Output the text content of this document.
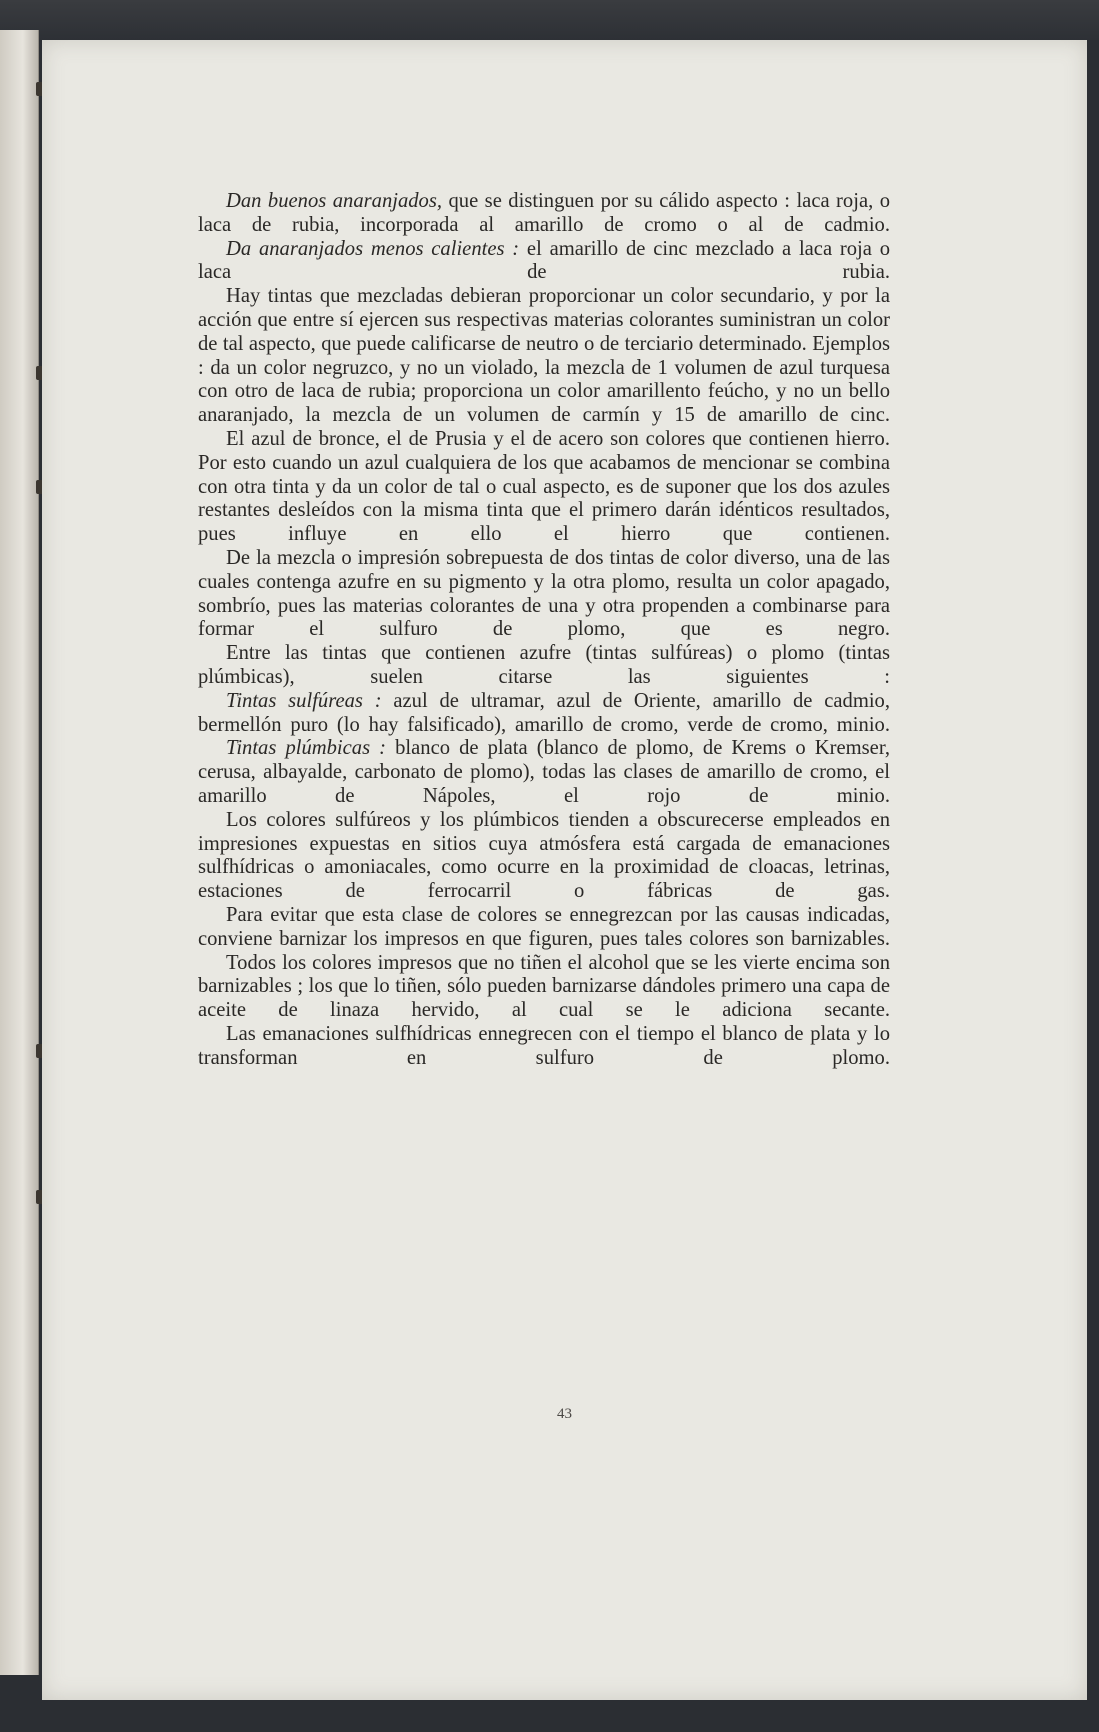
Dan buenos anaranjados, que se distinguen por su cálido aspecto : laca roja, o laca de rubia, incorporada al amarillo de cromo o al de cadmio.

Da anaranjados menos calientes : el amarillo de cinc mezclado a laca roja o laca de rubia.

Hay tintas que mezcladas debieran proporcionar un color secundario, y por la acción que entre sí ejercen sus respectivas materias colorantes suministran un color de tal aspecto, que puede calificarse de neutro o de terciario determinado. Ejemplos : da un color negruzco, y no un violado, la mezcla de 1 volumen de azul turquesa con otro de laca de rubia; proporciona un color amarillento feúcho, y no un bello anaranjado, la mezcla de un volumen de carmín y 15 de amarillo de cinc.

El azul de bronce, el de Prusia y el de acero son colores que contienen hierro. Por esto cuando un azul cualquiera de los que acabamos de mencionar se combina con otra tinta y da un color de tal o cual aspecto, es de suponer que los dos azules restantes desleídos con la misma tinta que el primero darán idénticos resultados, pues influye en ello el hierro que contienen.

De la mezcla o impresión sobrepuesta de dos tintas de color diverso, una de las cuales contenga azufre en su pigmento y la otra plomo, resulta un color apagado, sombrío, pues las materias colorantes de una y otra propenden a combinarse para formar el sulfuro de plomo, que es negro.

Entre las tintas que contienen azufre (tintas sulfúreas) o plomo (tintas plúmbicas), suelen citarse las siguientes :

Tintas sulfúreas : azul de ultramar, azul de Oriente, amarillo de cadmio, bermellón puro (lo hay falsificado), amarillo de cromo, verde de cromo, minio.

Tintas plúmbicas : blanco de plata (blanco de plomo, de Krems o Kremser, cerusa, albayalde, carbonato de plomo), todas las clases de amarillo de cromo, el amarillo de Nápoles, el rojo de minio.

Los colores sulfúreos y los plúmbicos tienden a obscurecerse empleados en impresiones expuestas en sitios cuya atmósfera está cargada de emanaciones sulfhídricas o amoniacales, como ocurre en la proximidad de cloacas, letrinas, estaciones de ferrocarril o fábricas de gas.

Para evitar que esta clase de colores se ennegrezcan por las causas indicadas, conviene barnizar los impresos en que figuren, pues tales colores son barnizables.

Todos los colores impresos que no tiñen el alcohol que se les vierte encima son barnizables ; los que lo tiñen, sólo pueden barnizarse dándoles primero una capa de aceite de linaza hervido, al cual se le adiciona secante.

Las emanaciones sulfhídricas ennegrecen con el tiempo el blanco de plata y lo transforman en sulfuro de plomo.

43
